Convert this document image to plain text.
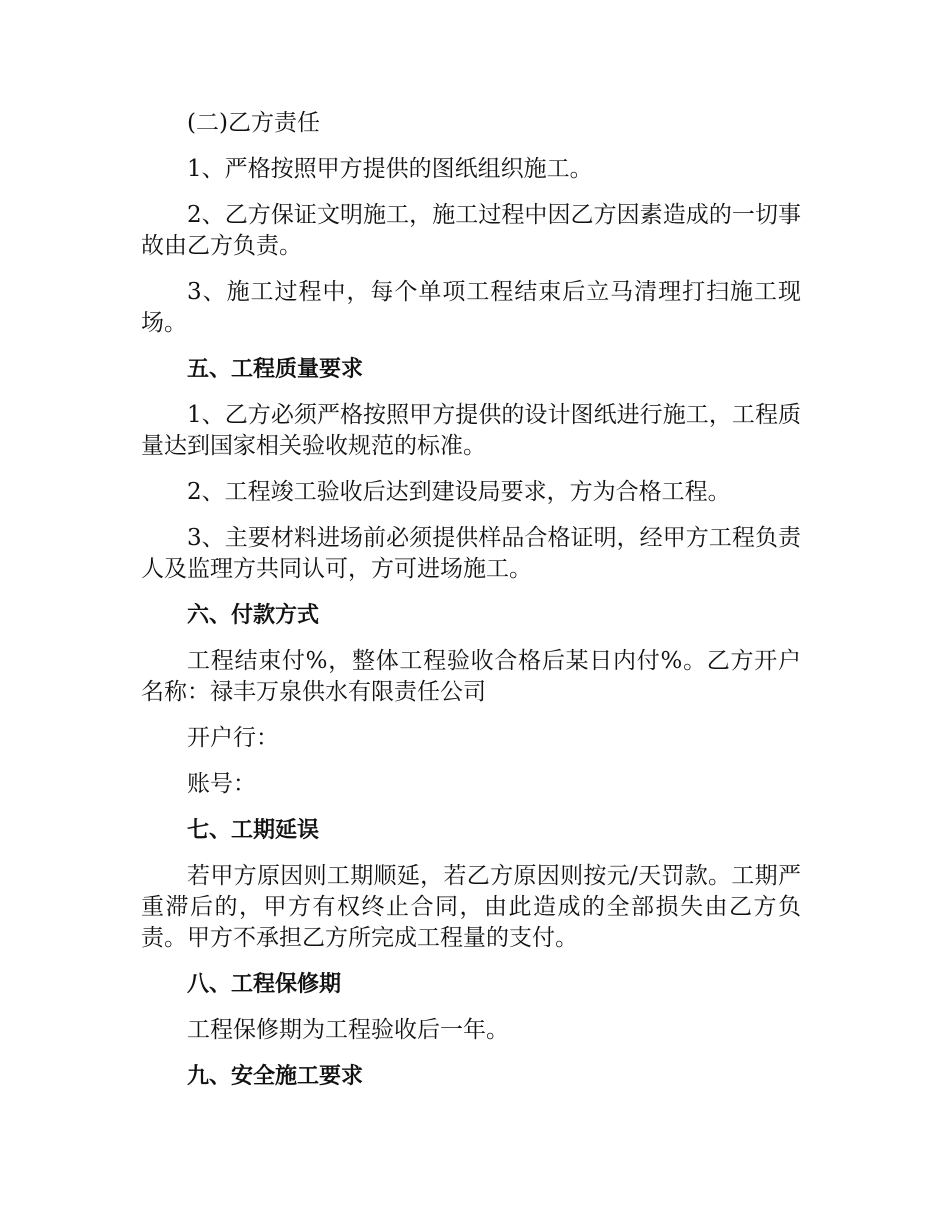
(二)乙方责任

1、严格按照甲方提供的图纸组织施工。

2、乙方保证文明施工，施工过程中因乙方因素造成的一切事故由乙方负责。

3、施工过程中，每个单项工程结束后立马清理打扫施工现场。

五、工程质量要求

1、乙方必须严格按照甲方提供的设计图纸进行施工，工程质量达到国家相关验收规范的标准。

2、工程竣工验收后达到建设局要求，方为合格工程。

3、主要材料进场前必须提供样品合格证明，经甲方工程负责人及监理方共同认可，方可进场施工。

六、付款方式

工程结束付%，整体工程验收合格后某日内付%。乙方开户名称：禄丰万泉供水有限责任公司

开户行：

账号：

七、工期延误

若甲方原因则工期顺延，若乙方原因则按元/天罚款。工期严重滞后的，甲方有权终止合同，由此造成的全部损失由乙方负责。甲方不承担乙方所完成工程量的支付。

八、工程保修期

工程保修期为工程验收后一年。

九、安全施工要求
